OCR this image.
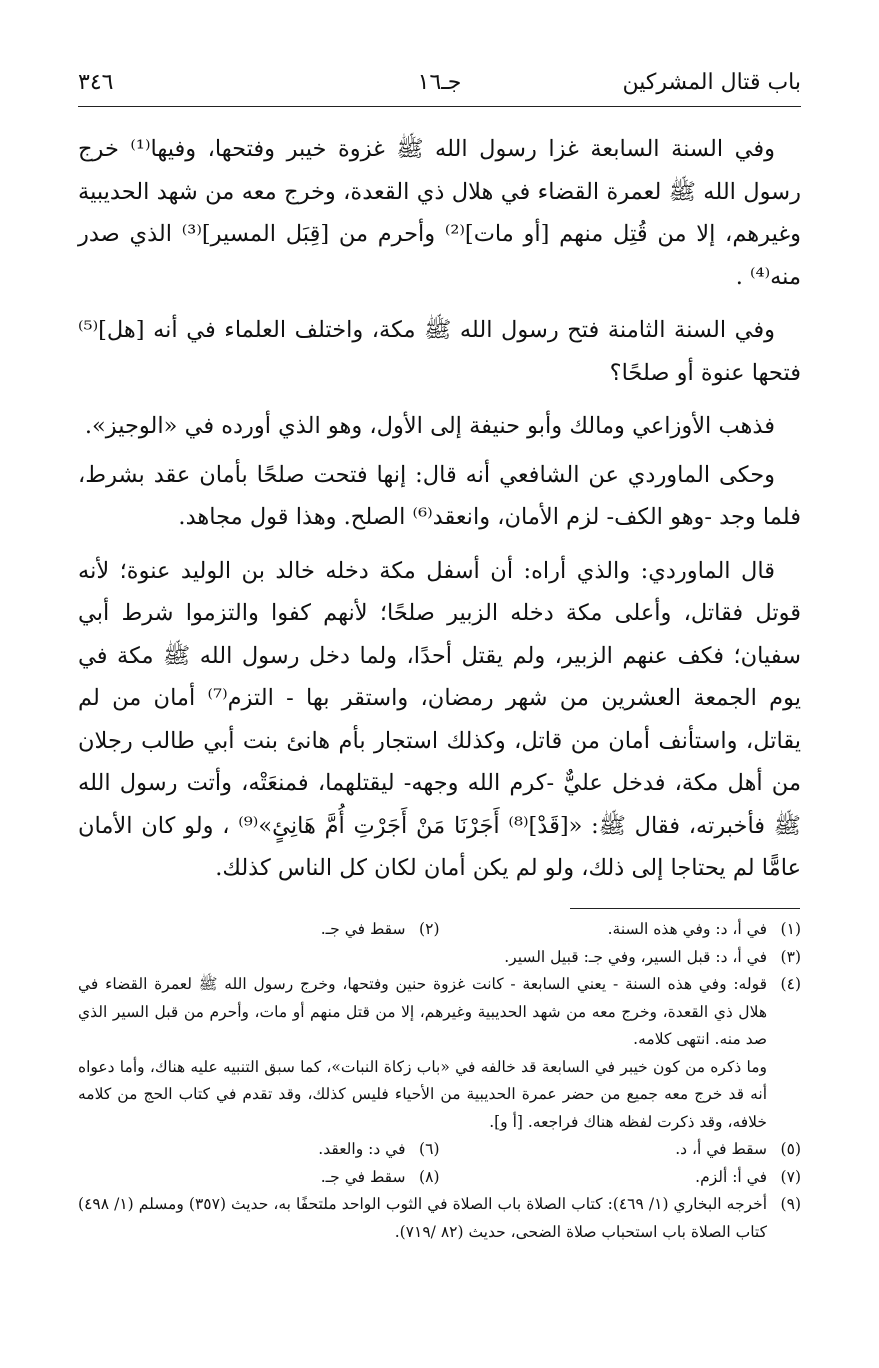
باب قتال المشركين
جـ١٦
٣٤٦

وفي السنة السابعة غزا رسول الله ﷺ غزوة خيبر وفتحها، وفيها⁽¹⁾ خرج رسول الله ﷺ لعمرة القضاء في هلال ذي القعدة، وخرج معه من شهد الحديبية وغيرهم، إلا من قُتِل منهم [أو مات]⁽²⁾ وأحرم من [قِبَل المسير]⁽³⁾ الذي صدر منه⁽⁴⁾ .

وفي السنة الثامنة فتح رسول الله ﷺ مكة، واختلف العلماء في أنه [هل]⁽⁵⁾ فتحها عنوة أو صلحًا؟

فذهب الأوزاعي ومالك وأبو حنيفة إلى الأول، وهو الذي أورده في «الوجيز».

وحكى الماوردي عن الشافعي أنه قال: إنها فتحت صلحًا بأمان عقد بشرط، فلما وجد -وهو الكف- لزم الأمان، وانعقد⁽⁶⁾ الصلح. وهذا قول مجاهد.

قال الماوردي: والذي أراه: أن أسفل مكة دخله خالد بن الوليد عنوة؛ لأنه قوتل فقاتل، وأعلى مكة دخله الزبير صلحًا؛ لأنهم كفوا والتزموا شرط أبي سفيان؛ فكف عنهم الزبير، ولم يقتل أحدًا، ولما دخل رسول الله ﷺ مكة في يوم الجمعة العشرين من شهر رمضان، واستقر بها - التزم⁽⁷⁾ أمان من لم يقاتل، واستأنف أمان من قاتل، وكذلك استجار بأم هانئ بنت أبي طالب رجلان من أهل مكة، فدخل عليٌّ -كرم الله وجهه- ليقتلهما، فمنعَتْه، وأتت رسول الله ﷺ فأخبرته، فقال ﷺ: «[قَدْ]⁽⁸⁾ أَجَرْنَا مَنْ أَجَرْتِ أُمَّ هَانِئٍ»⁽⁹⁾ ، ولو كان الأمان عامًّا لم يحتاجا إلى ذلك، ولو لم يكن أمان لكان كل الناس كذلك.

(١)
في أ، د: وفي هذه السنة.
(٢)
سقط في جـ.
(٣)
في أ، د: قبل السير، وفي جـ: قبيل السير.
(٤)
قوله: وفي هذه السنة - يعني السابعة - كانت غزوة حنين وفتحها، وخرج رسول الله ﷺ لعمرة القضاء في هلال ذي القعدة، وخرج معه من شهد الحديبية وغيرهم، إلا من قتل منهم أو مات، وأحرم من قبل السير الذي صد منه. انتهى كلامه.
وما ذكره من كون خيبر في السابعة قد خالفه في «باب زكاة النبات»، كما سبق التنبيه عليه هناك، وأما دعواه أنه قد خرج معه جميع من حضر عمرة الحديبية من الأحياء فليس كذلك، وقد تقدم في كتاب الحج من كلامه خلافه، وقد ذكرت لفظه هناك فراجعه. [أ و].
(٥)
سقط في أ، د.
(٦)
في د: والعقد.
(٧)
في أ: ألزم.
(٨)
سقط في جـ.
(٩)
أخرجه البخاري (١/ ٤٦٩): كتاب الصلاة باب الصلاة في الثوب الواحد ملتحفًا به، حديث (٣٥٧) ومسلم (١/ ٤٩٨) كتاب الصلاة باب استحباب صلاة الضحى، حديث (٨٢ /٧١٩).
